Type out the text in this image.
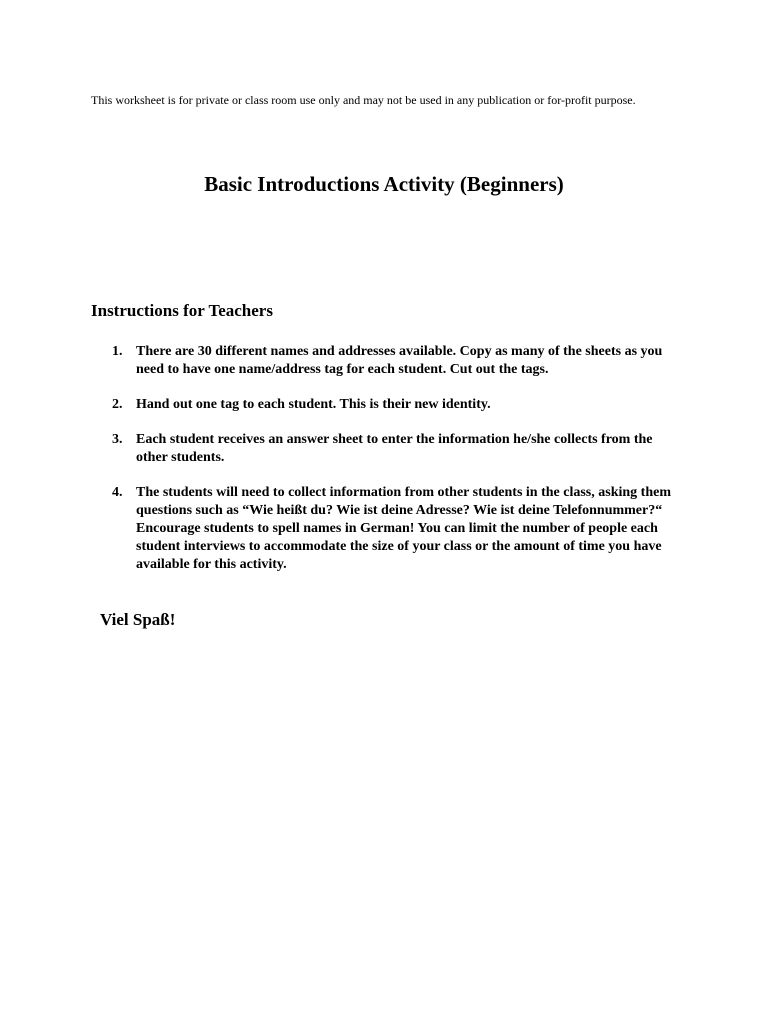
This worksheet is for private or class room use only and may not be used in any publication or for-profit purpose.
Basic Introductions Activity (Beginners)
Instructions for Teachers
1. There are 30 different names and addresses available. Copy as many of the sheets as you need to have one name/address tag for each student. Cut out the tags.
2. Hand out one tag to each student. This is their new identity.
3. Each student receives an answer sheet to enter the information he/she collects from the other students.
4. The students will need to collect information from other students in the class, asking them questions such as “Wie heißt du? Wie ist deine Adresse? Wie ist deine Telefonnummer?“ Encourage students to spell names in German! You can limit the number of people each student interviews to accommodate the size of your class or the amount of time you have available for this activity.
Viel Spaß!
